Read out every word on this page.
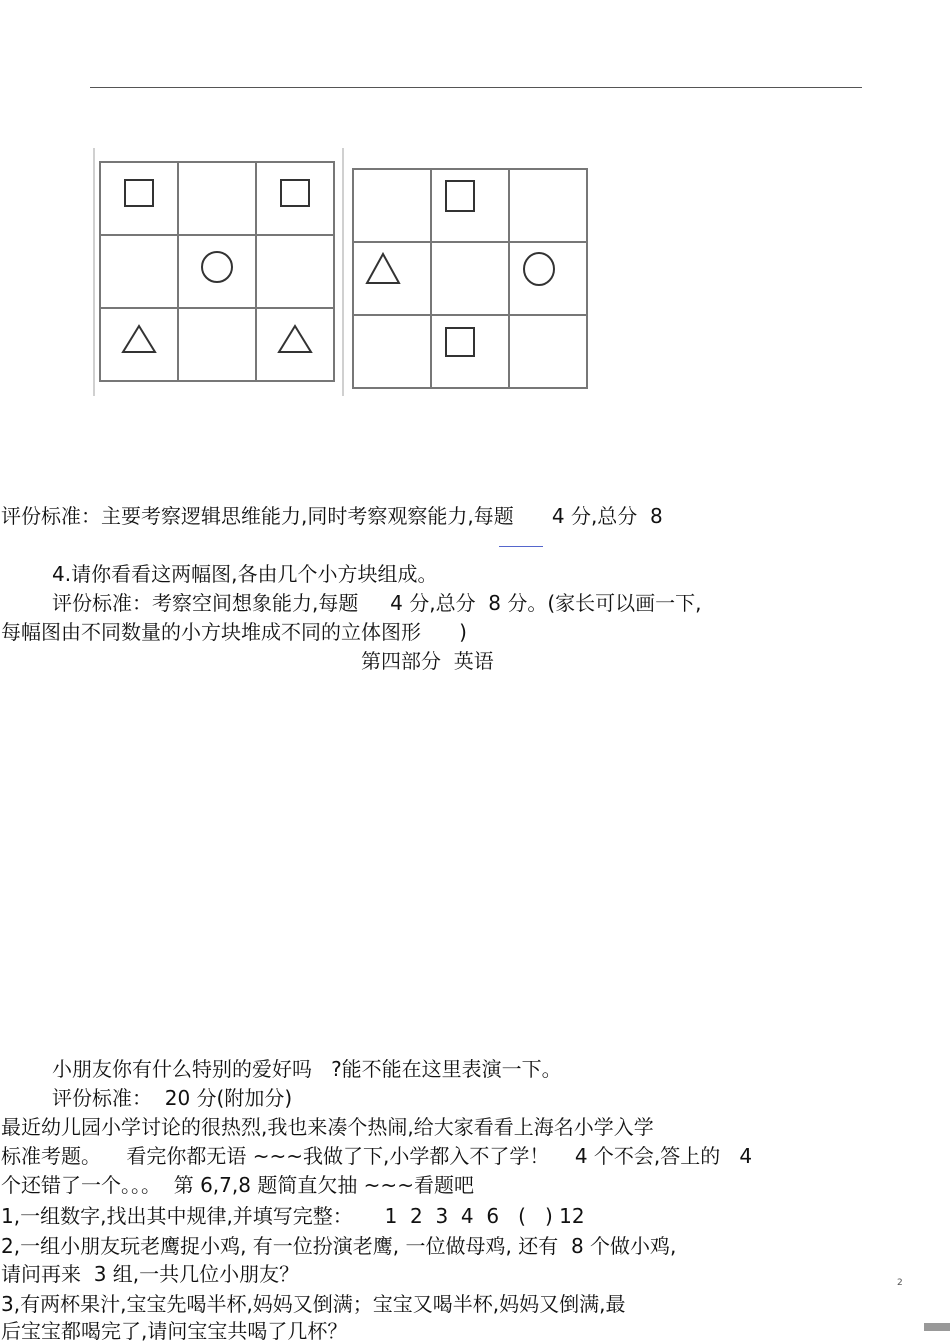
评份标准：主要考察逻辑思维能力,同时考察观察能力,每题      4 分,总分  8
4.请你看看这两幅图,各由几个小方块组成。
评份标准：考察空间想象能力,每题     4 分,总分  8 分。(家长可以画一下,
每幅图由不同数量的小方块堆成不同的立体图形      )
第四部分  英语
小朋友你有什么特别的爱好吗   ?能不能在这里表演一下。
评份标准：  20 分(附加分)
最近幼儿园小学讨论的很热烈,我也来凑个热闹,给大家看看上海名小学入学
标准考题。    看完你都无语 ~~~我做了下,小学都入不了学！    4 个不会,答上的   4
个还错了一个。。。  第 6,7,8 题简直欠抽 ~~~看题吧
1,一组数字,找出其中规律,并填写完整：     1  2  3  4  6   (   ) 12
2,一组小朋友玩老鹰捉小鸡, 有一位扮演老鹰, 一位做母鸡, 还有  8 个做小鸡,
请问再来  3 组,一共几位小朋友？
3,有两杯果汁,宝宝先喝半杯,妈妈又倒满；宝宝又喝半杯,妈妈又倒满,最
后宝宝都喝完了,请问宝宝共喝了几杯？
2
